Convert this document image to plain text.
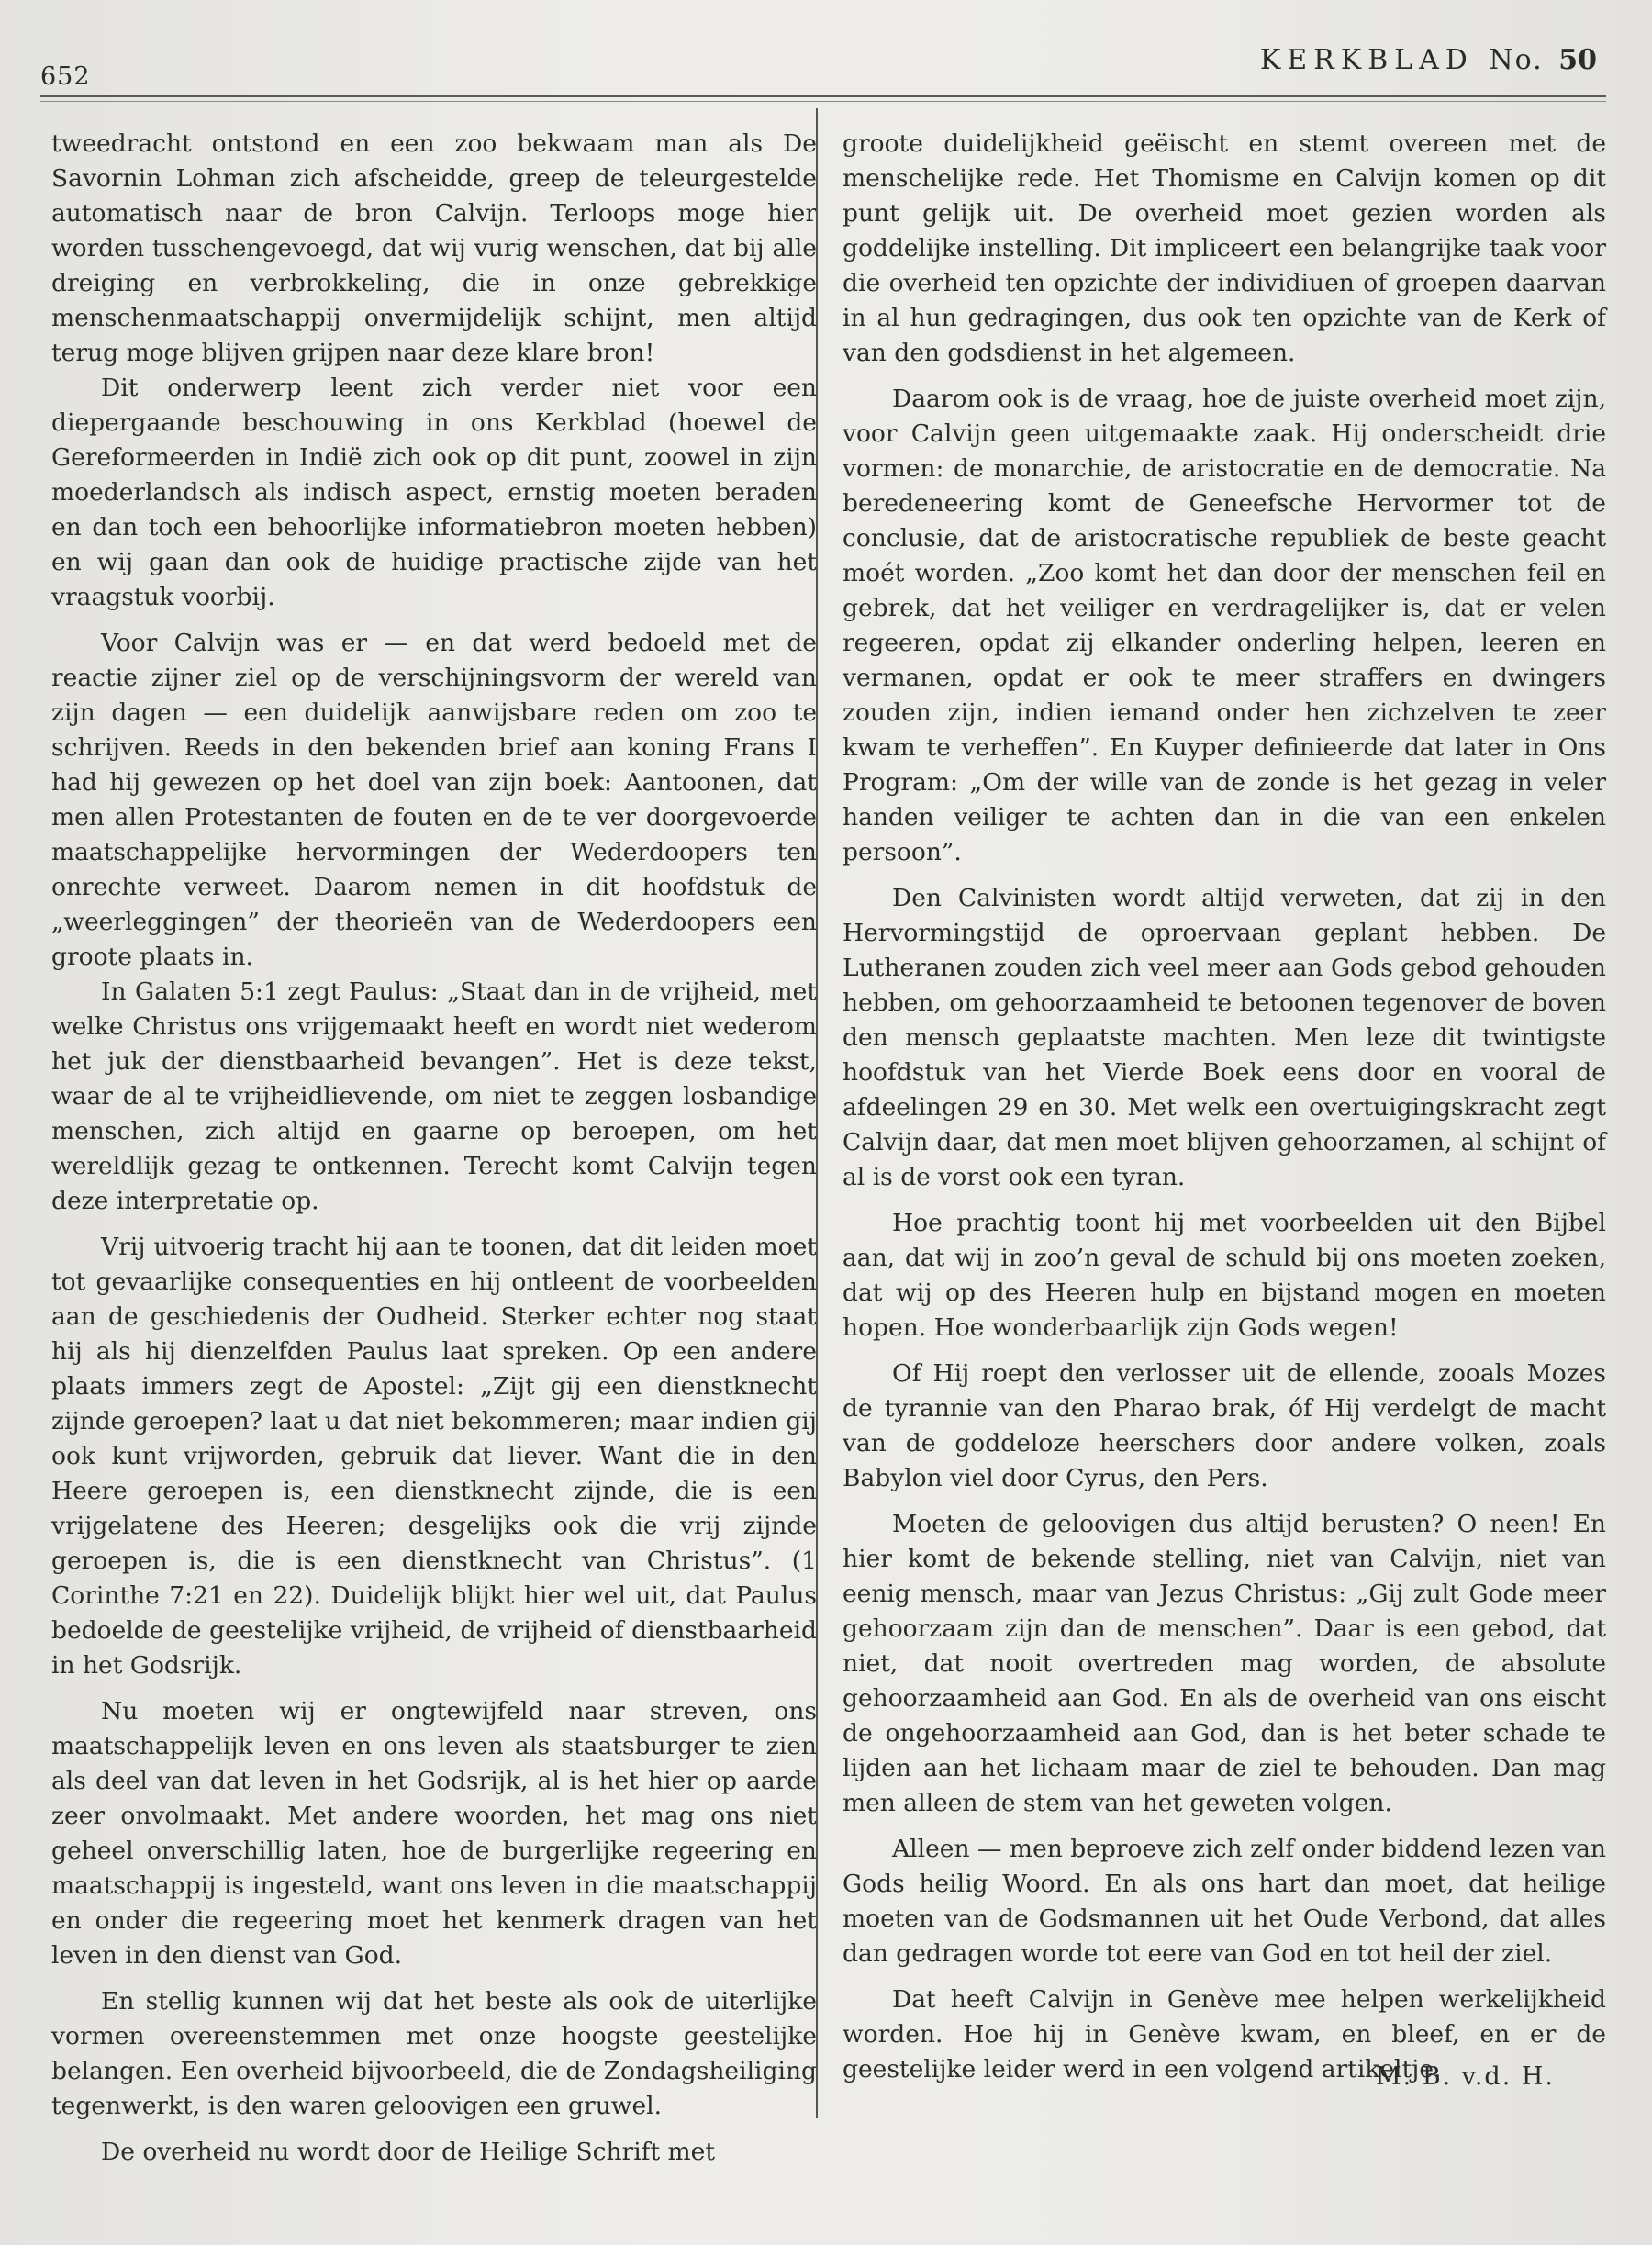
652
KERKBLAD No. 50

tweedracht ontstond en een zoo bekwaam man als De Savornin Lohman zich afscheidde, greep de teleurgestelde automatisch naar de bron Calvijn. Terloops moge hier worden tusschengevoegd, dat wij vurig wenschen, dat bij alle dreiging en verbrokkeling, die in onze gebrekkige menschenmaatschappij onvermijdelijk schijnt, men altijd terug moge blijven grijpen naar deze klare bron!

Dit onderwerp leent zich verder niet voor een diepergaande beschouwing in ons Kerkblad (hoewel de Gereformeerden in Indië zich ook op dit punt, zoowel in zijn moederlandsch als indisch aspect, ernstig moeten beraden en dan toch een behoorlijke informatiebron moeten hebben) en wij gaan dan ook de huidige practische zijde van het vraagstuk voorbij.

Voor Calvijn was er — en dat werd bedoeld met de reactie zijner ziel op de verschijningsvorm der wereld van zijn dagen — een duidelijk aanwijsbare reden om zoo te schrijven. Reeds in den bekenden brief aan koning Frans I had hij gewezen op het doel van zijn boek: Aantoonen, dat men allen Protestanten de fouten en de te ver doorgevoerde maatschappelijke hervormingen der Wederdoopers ten onrechte verweet. Daarom nemen in dit hoofdstuk de „weerleggingen” der theorieën van de Wederdoopers een groote plaats in.

In Galaten 5:1 zegt Paulus: „Staat dan in de vrijheid, met welke Christus ons vrijgemaakt heeft en wordt niet wederom het juk der dienstbaarheid bevangen”. Het is deze tekst, waar de al te vrijheidlievende, om niet te zeggen losbandige menschen, zich altijd en gaarne op beroepen, om het wereldlijk gezag te ontkennen. Terecht komt Calvijn tegen deze interpretatie op.

Vrij uitvoerig tracht hij aan te toonen, dat dit leiden moet tot gevaarlijke consequenties en hij ontleent de voorbeelden aan de geschiedenis der Oudheid. Sterker echter nog staat hij als hij dienzelfden Paulus laat spreken. Op een andere plaats immers zegt de Apostel: „Zijt gij een dienstknecht zijnde geroepen? laat u dat niet bekommeren; maar indien gij ook kunt vrijworden, gebruik dat liever. Want die in den Heere geroepen is, een dienstknecht zijnde, die is een vrijgelatene des Heeren; desgelijks ook die vrij zijnde geroepen is, die is een dienstknecht van Christus”. (1 Corinthe 7:21 en 22). Duidelijk blijkt hier wel uit, dat Paulus bedoelde de geestelijke vrijheid, de vrijheid of dienstbaarheid in het Godsrijk.

Nu moeten wij er ongtewijfeld naar streven, ons maatschappelijk leven en ons leven als staatsburger te zien als deel van dat leven in het Godsrijk, al is het hier op aarde zeer onvolmaakt. Met andere woorden, het mag ons niet geheel onverschillig laten, hoe de burgerlijke regeering en maatschappij is ingesteld, want ons leven in die maatschappij en onder die regeering moet het kenmerk dragen van het leven in den dienst van God.

En stellig kunnen wij dat het beste als ook de uiterlijke vormen overeenstemmen met onze hoogste geestelijke belangen. Een overheid bijvoorbeeld, die de Zondagsheiliging tegenwerkt, is den waren geloovigen een gruwel.

De overheid nu wordt door de Heilige Schrift met

groote duidelijkheid geëischt en stemt overeen met de menschelijke rede. Het Thomisme en Calvijn komen op dit punt gelijk uit. De overheid moet gezien worden als goddelijke instelling. Dit impliceert een belangrijke taak voor die overheid ten opzichte der individiuen of groepen daarvan in al hun gedragingen, dus ook ten opzichte van de Kerk of van den godsdienst in het algemeen.

Daarom ook is de vraag, hoe de juiste overheid moet zijn, voor Calvijn geen uitgemaakte zaak. Hij onderscheidt drie vormen: de monarchie, de aristocratie en de democratie. Na beredeneering komt de Geneefsche Hervormer tot de conclusie, dat de aristocratische republiek de beste geacht moét worden. „Zoo komt het dan door der menschen feil en gebrek, dat het veiliger en verdragelijker is, dat er velen regeeren, opdat zij elkander onderling helpen, leeren en vermanen, opdat er ook te meer straffers en dwingers zouden zijn, indien iemand onder hen zichzelven te zeer kwam te verheffen”. En Kuyper definieerde dat later in Ons Program: „Om der wille van de zonde is het gezag in veler handen veiliger te achten dan in die van een enkelen persoon”.

Den Calvinisten wordt altijd verweten, dat zij in den Hervormingstijd de oproervaan geplant hebben. De Lutheranen zouden zich veel meer aan Gods gebod gehouden hebben, om gehoorzaamheid te betoonen tegenover de boven den mensch geplaatste machten. Men leze dit twintigste hoofdstuk van het Vierde Boek eens door en vooral de afdeelingen 29 en 30. Met welk een overtuigingskracht zegt Calvijn daar, dat men moet blijven gehoorzamen, al schijnt of al is de vorst ook een tyran.

Hoe prachtig toont hij met voorbeelden uit den Bijbel aan, dat wij in zoo’n geval de schuld bij ons moeten zoeken, dat wij op des Heeren hulp en bijstand mogen en moeten hopen. Hoe wonderbaarlijk zijn Gods wegen!

Of Hij roept den verlosser uit de ellende, zooals Mozes de tyrannie van den Pharao brak, óf Hij verdelgt de macht van de goddeloze heerschers door andere volken, zoals Babylon viel door Cyrus, den Pers.

Moeten de geloovigen dus altijd berusten? O neen! En hier komt de bekende stelling, niet van Calvijn, niet van eenig mensch, maar van Jezus Christus: „Gij zult Gode meer gehoorzaam zijn dan de menschen”. Daar is een gebod, dat niet, dat nooit overtreden mag worden, de absolute gehoorzaamheid aan God. En als de overheid van ons eischt de ongehoorzaamheid aan God, dan is het beter schade te lijden aan het lichaam maar de ziel te behouden. Dan mag men alleen de stem van het geweten volgen.

Alleen — men beproeve zich zelf onder biddend lezen van Gods heilig Woord. En als ons hart dan moet, dat heilige moeten van de Godsmannen uit het Oude Verbond, dat alles dan gedragen worde tot eere van God en tot heil der ziel.

Dat heeft Calvijn in Genève mee helpen werkelijkheid worden. Hoe hij in Genève kwam, en bleef, en er de geestelijke leider werd in een volgend artikeltje.

M. B. v.d. H.
